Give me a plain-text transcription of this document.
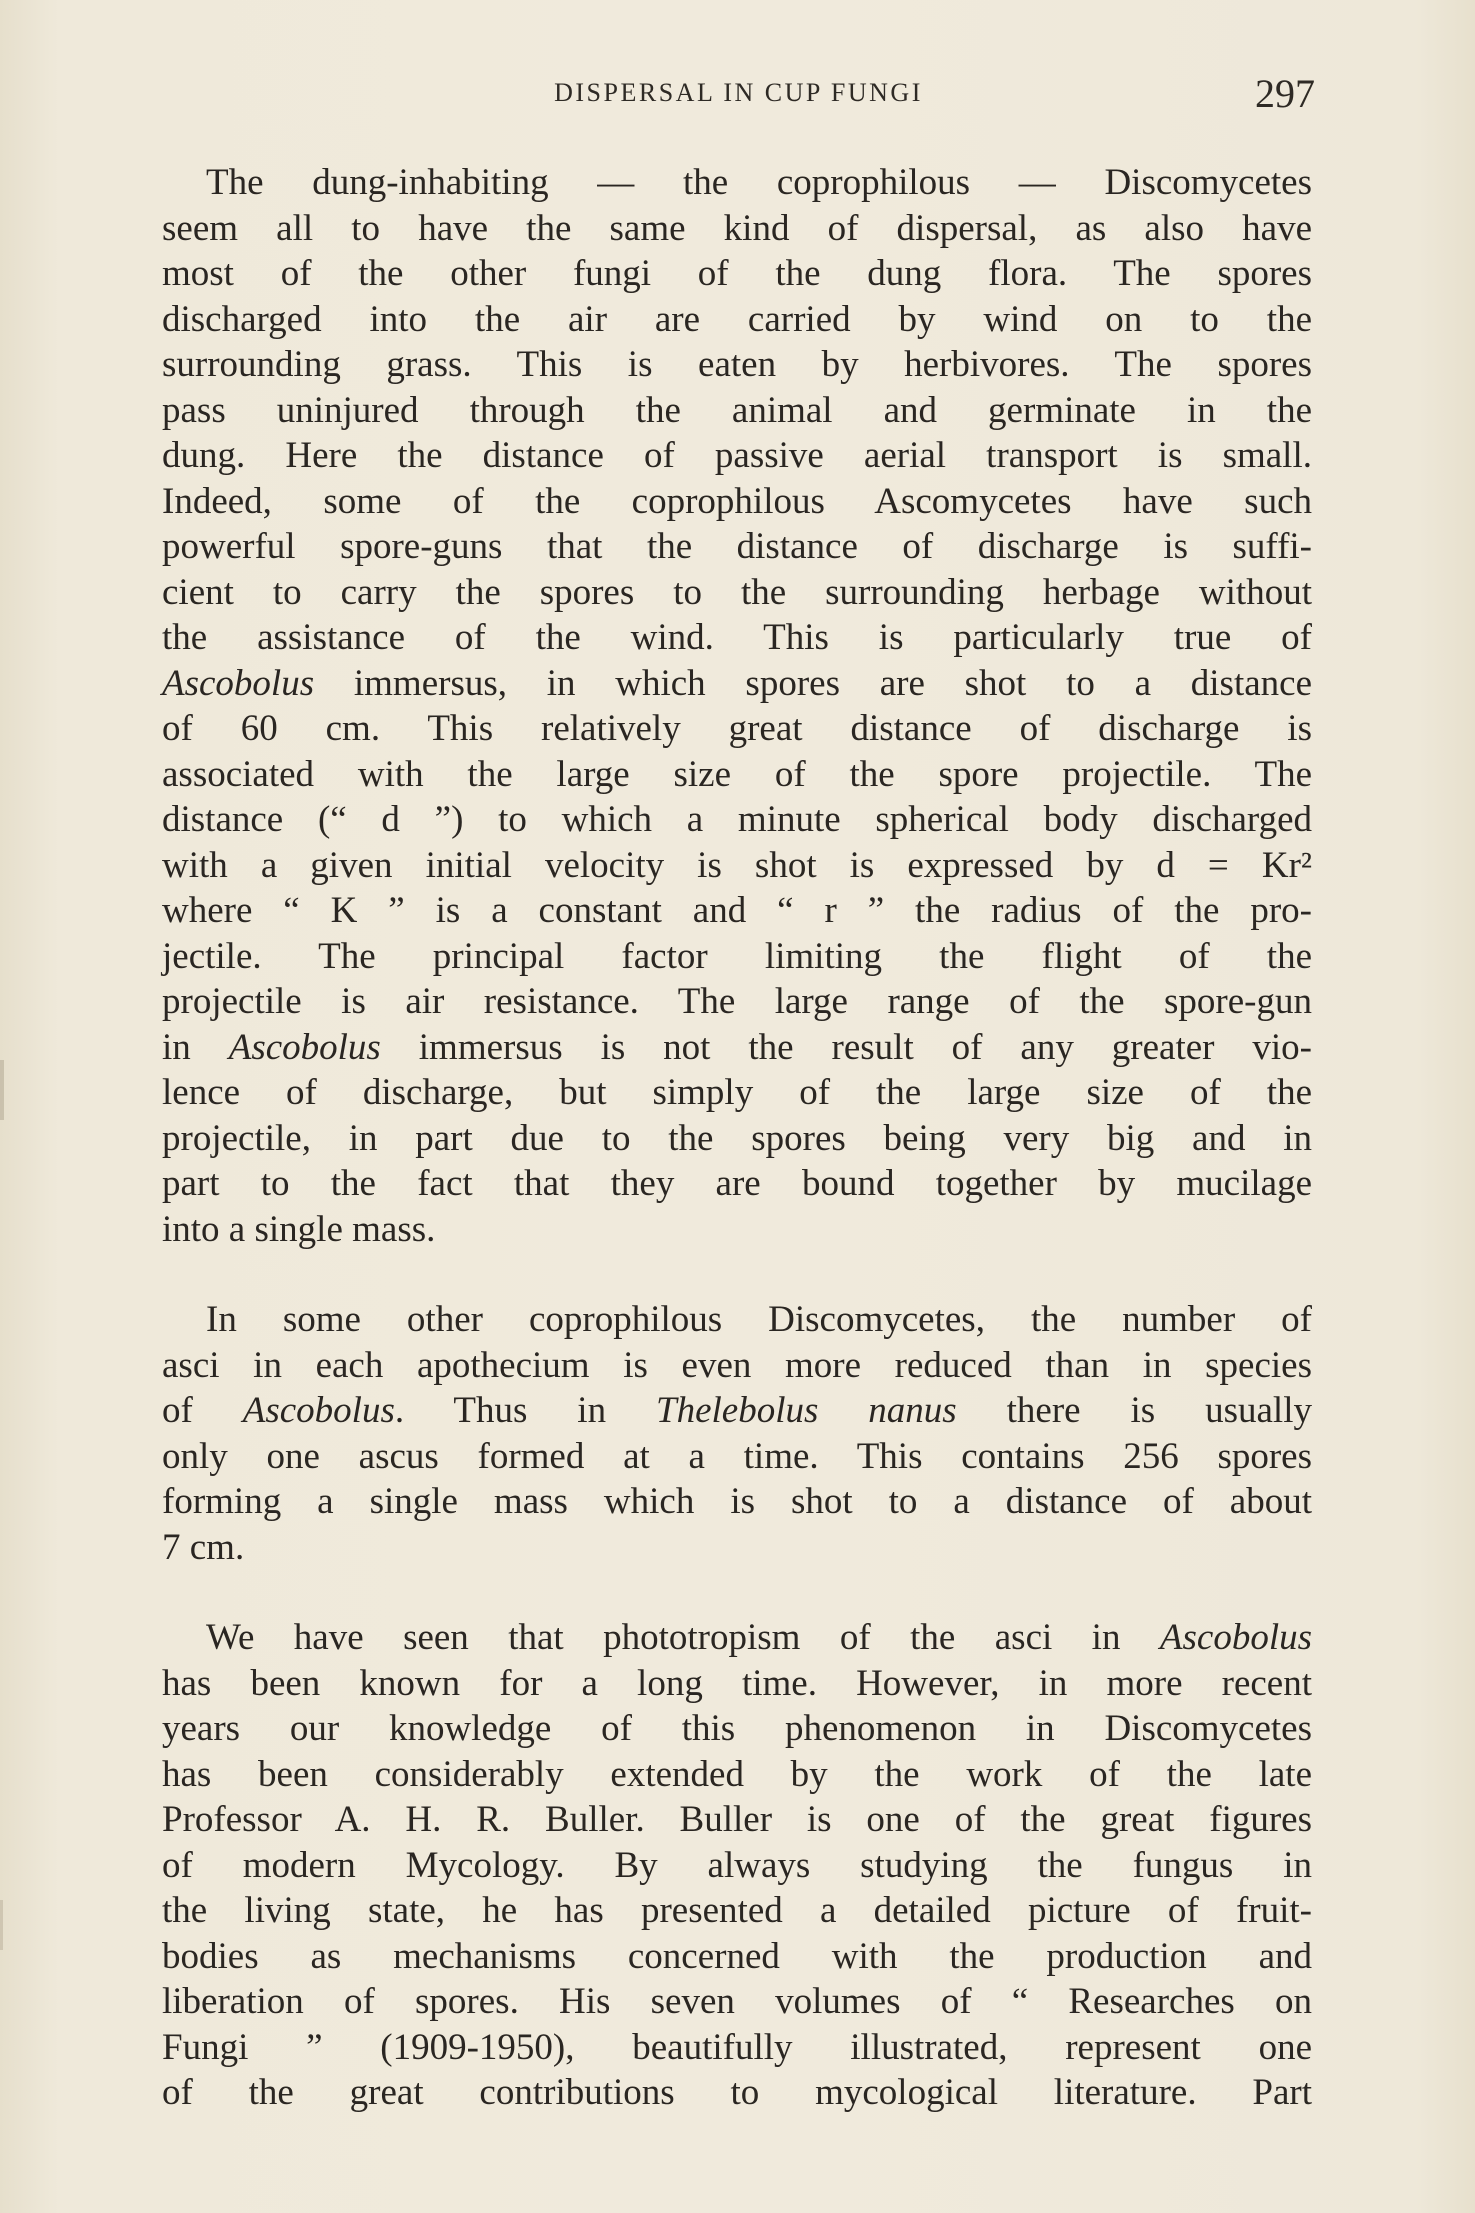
DISPERSAL IN CUP FUNGI	297
The dung-inhabiting — the coprophilous — Discomycetes
seem all to have the same kind of dispersal, as also have
most of the other fungi of the dung flora. The spores
discharged into the air are carried by wind on to the
surrounding grass. This is eaten by herbivores. The spores
pass uninjured through the animal and germinate in the
dung. Here the distance of passive aerial transport is small.
Indeed, some of the coprophilous Ascomycetes have such
powerful spore-guns that the distance of discharge is suffi-
cient to carry the spores to the surrounding herbage without
the assistance of the wind. This is particularly true of
Ascobolus immersus, in which spores are shot to a distance
of 60 cm. This relatively great distance of discharge is
associated with the large size of the spore projectile. The
distance (“ d ”) to which a minute spherical body discharged
with a given initial velocity is shot is expressed by d = Kr²
where “ K ” is a constant and “ r ” the radius of the pro-
jectile. The principal factor limiting the flight of the
projectile is air resistance. The large range of the spore-gun
in Ascobolus immersus is not the result of any greater vio-
lence of discharge, but simply of the large size of the
projectile, in part due to the spores being very big and in
part to the fact that they are bound together by mucilage
into a single mass.
In some other coprophilous Discomycetes, the number of
asci in each apothecium is even more reduced than in species
of Ascobolus. Thus in Thelebolus nanus there is usually
only one ascus formed at a time. This contains 256 spores
forming a single mass which is shot to a distance of about
7 cm.
We have seen that phototropism of the asci in Ascobolus
has been known for a long time. However, in more recent
years our knowledge of this phenomenon in Discomycetes
has been considerably extended by the work of the late
Professor A. H. R. Buller. Buller is one of the great figures
of modern Mycology. By always studying the fungus in
the living state, he has presented a detailed picture of fruit-
bodies as mechanisms concerned with the production and
liberation of spores. His seven volumes of “ Researches on
Fungi ” (1909-1950), beautifully illustrated, represent one
of the great contributions to mycological literature. Part
